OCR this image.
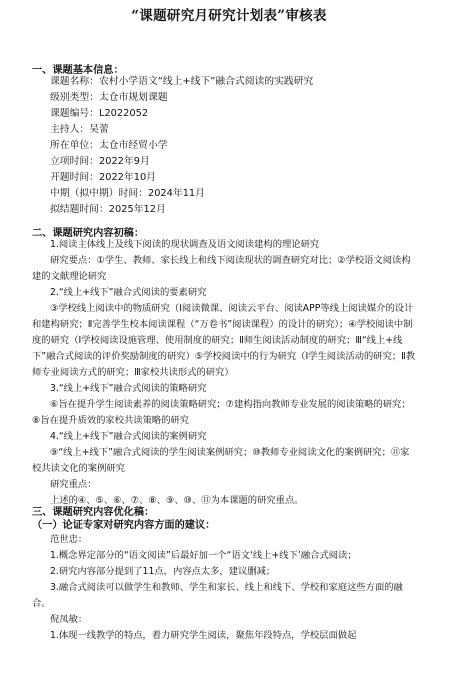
“课题研究月研究计划表”审核表
一、课题基本信息：
课题名称：农村小学语文“线上+线下”融合式阅读的实践研究
级别类型：太仓市规划课题
课题编号：L2022052
主持人：吴蕾
所在单位：太仓市经贸小学
立项时间：2022年9月
开题时间：2022年10月
中期（拟中期）时间：2024年11月
拟结题时间：2025年12月
二、课题研究内容初稿：
1.阅读主体线上及线下阅读的现状调查及语文阅读建构的理论研究
研究要点：①学生、教师、家长线上和线下阅读现状的调查研究对比；②学校语文阅读构建的文献理论研究
2.“线上+线下”融合式阅读的要素研究
③学校线上阅读中的物质研究（Ⅰ阅读微课、阅读云平台、阅读APP等线上阅读媒介的设计和建构研究；Ⅱ完善学生校本阅读课程（“万卷书”阅读课程）的设计的研究）；④学校阅读中制度的研究（Ⅰ学校阅读设施管理、使用制度的研究；Ⅱ师生阅读活动制度的研究；Ⅲ“线上+线下”融合式阅读的评价奖励制度的研究）⑤学校阅读中的行为研究（Ⅰ学生阅读活动的研究；Ⅱ教师专业阅读方式的研究；Ⅲ家校共读形式的研究）
3.“线上+线下”融合式阅读的策略研究
⑥旨在提升学生阅读素养的阅读策略研究；⑦建构指向教师专业发展的阅读策略的研究；⑧旨在提升质效的家校共读策略的研究
4.“线上+线下”融合式阅读的案例研究
⑨“线上+线下”融合式阅读的学生阅读案例研究；⑩教师专业阅读文化的案例研究；⑪家校共读文化的案例研究
研究重点：
上述的④、⑤、⑥、⑦、⑧、⑨、⑩、⑪为本课题的研究重点。
三、课题研究内容优化稿：
（一）论证专家对研究内容方面的建议：
范世忠：
1.概念界定部分的“语文阅读”后最好加一个“语文‘线上+线下’融合式阅读；
2.研究内容部分提到了11点，内容点太多，建议删减；
3.融合式阅读可以做学生和教师、学生和家长、线上和线下、学校和家庭这些方面的融合。
倪凤敏：
1.体现一线教学的特点，着力研究学生阅读，聚焦年段特点，学校层面做起
